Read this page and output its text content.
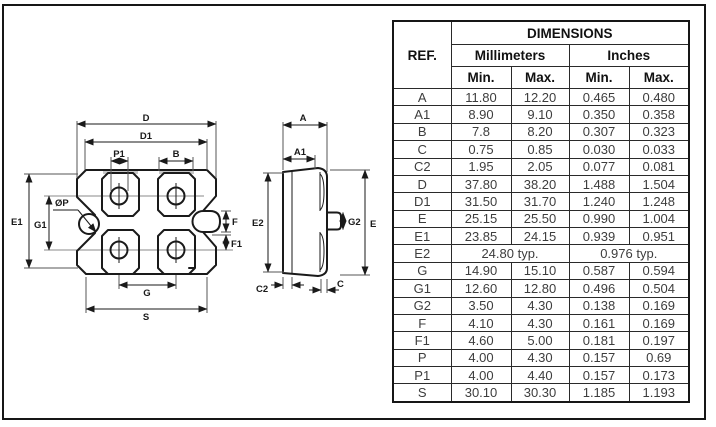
D
D1
P1	B
E1 G1
ØP
F
F1
G
S
A
A1
E2	E
G2
C2	C
REF.	DIMENSIONS			
	Millimeters		Inches	
	Min.	Max.	Min.	Max.
A	11.80	12.20	0.465	0.480
A1	8.90	9.10	0.350	0.358
B	7.8	8.20	0.307	0.323
C	0.75	0.85	0.030	0.033
C2	1.95	2.05	0.077	0.081
D	37.80	38.20	1.488	1.504
D1	31.50	31.70	1.240	1.248
E	25.15	25.50	0.990	1.004
E1	23.85	24.15	0.939	0.951
E2	24.80 typ.		0.976 typ.	
G	14.90	15.10	0.587	0.594
G1	12.60	12.80	0.496	0.504
G2	3.50	4.30	0.138	0.169
F	4.10	4.30	0.161	0.169
F1	4.60	5.00	0.181	0.197
P	4.00	4.30	0.157	0.69
P1	4.00	4.40	0.157	0.173
S	30.10	30.30	1.185	1.193
